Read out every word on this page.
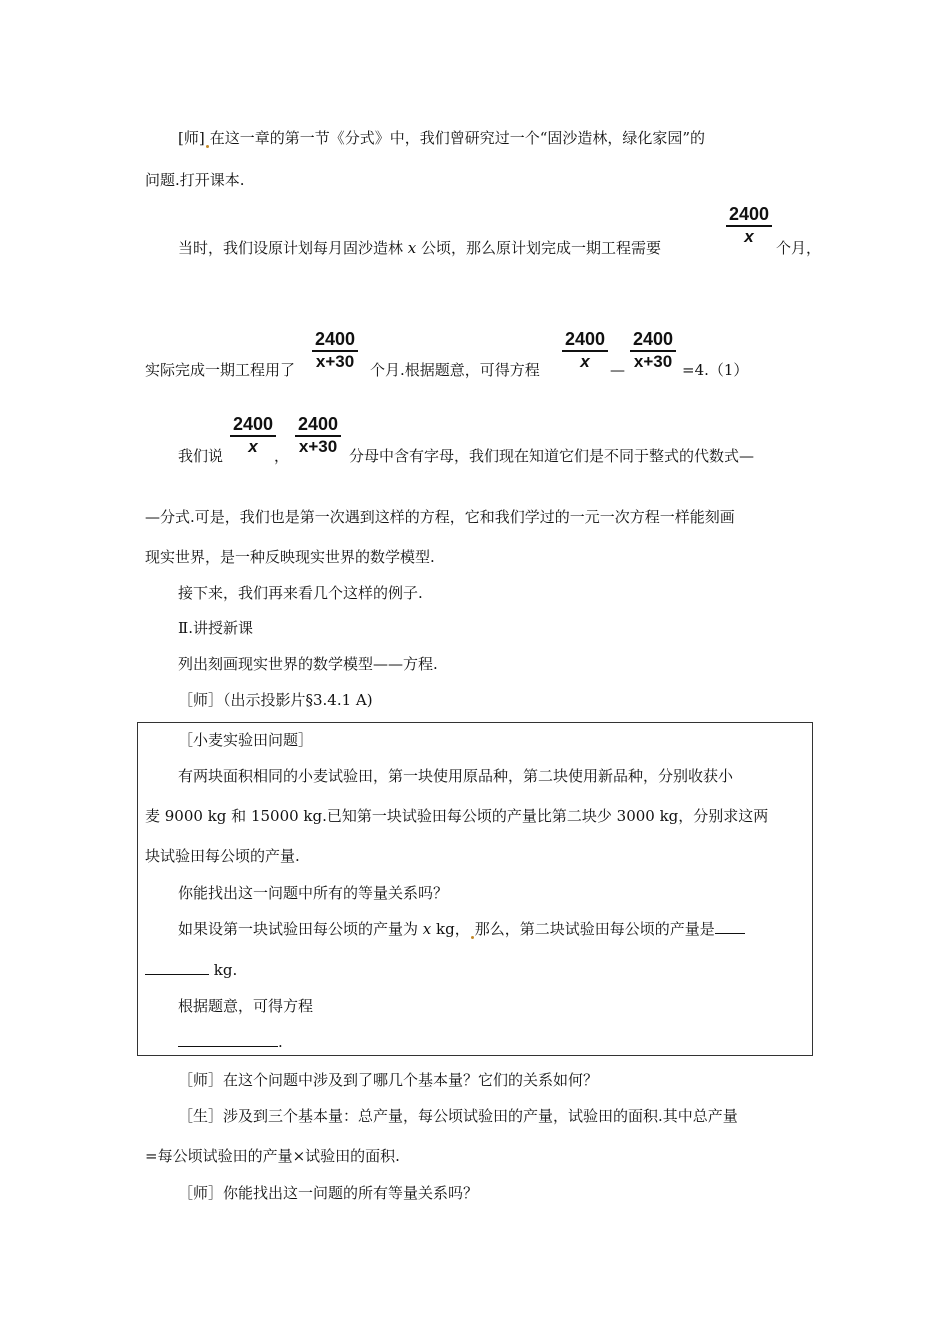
[师] 在这一章的第一节《分式》中，我们曾研究过一个“固沙造林，绿化家园”的
问题.打开课本.
当时，我们设原计划每月固沙造林 x 公顷，那么原计划完成一期工程需要
$\frac{2400}{x}$
个月，
实际完成一期工程用了 $\frac{2400}{x+30}$ 个月.根据题意，可得方程 $\frac{2400}{x}$ — $\frac{2400}{x+30} =4.(1)$
我们说 $\frac{2400}{x}$
， $\frac{2400}{x+30}$ 分母中含有字母，我们现在知道它们是不同于整式的代数式—
—分式.可是，我们也是第一次遇到这样的方程，它和我们学过的一元一次方程一样能刻画
现实世界，是一种反映现实世界的数学模型.
接下来，我们再来看几个这样的例子.
Ⅱ.讲授新课
列出刻画现实世界的数学模型——方程.
［师］（出示投影片§3.4.1 A)
［小麦实验田问题］
有两块面积相同的小麦试验田，第一块使用原品种，第二块使用新品种，分别收获小
麦 9000 kg 和 15000 kg.已知第一块试验田每公顷的产量比第二块少 3000 kg，分别求这两
块试验田每公顷的产量.
你能找出这一问题中所有的等量关系吗？
如果设第一块试验田每公顷的产量为 x kg， 那么，第二块试验田每公顷的产量是
kg.
根据题意，可得方程
.
［师］在这个问题中涉及到了哪几个基本量？它们的关系如何？
［生］涉及到三个基本量：总产量，每公顷试验田的产量，试验田的面积.其中总产量
=每公顷试验田的产量×试验田的面积.
［师］你能找出这一问题的所有等量关系吗？
